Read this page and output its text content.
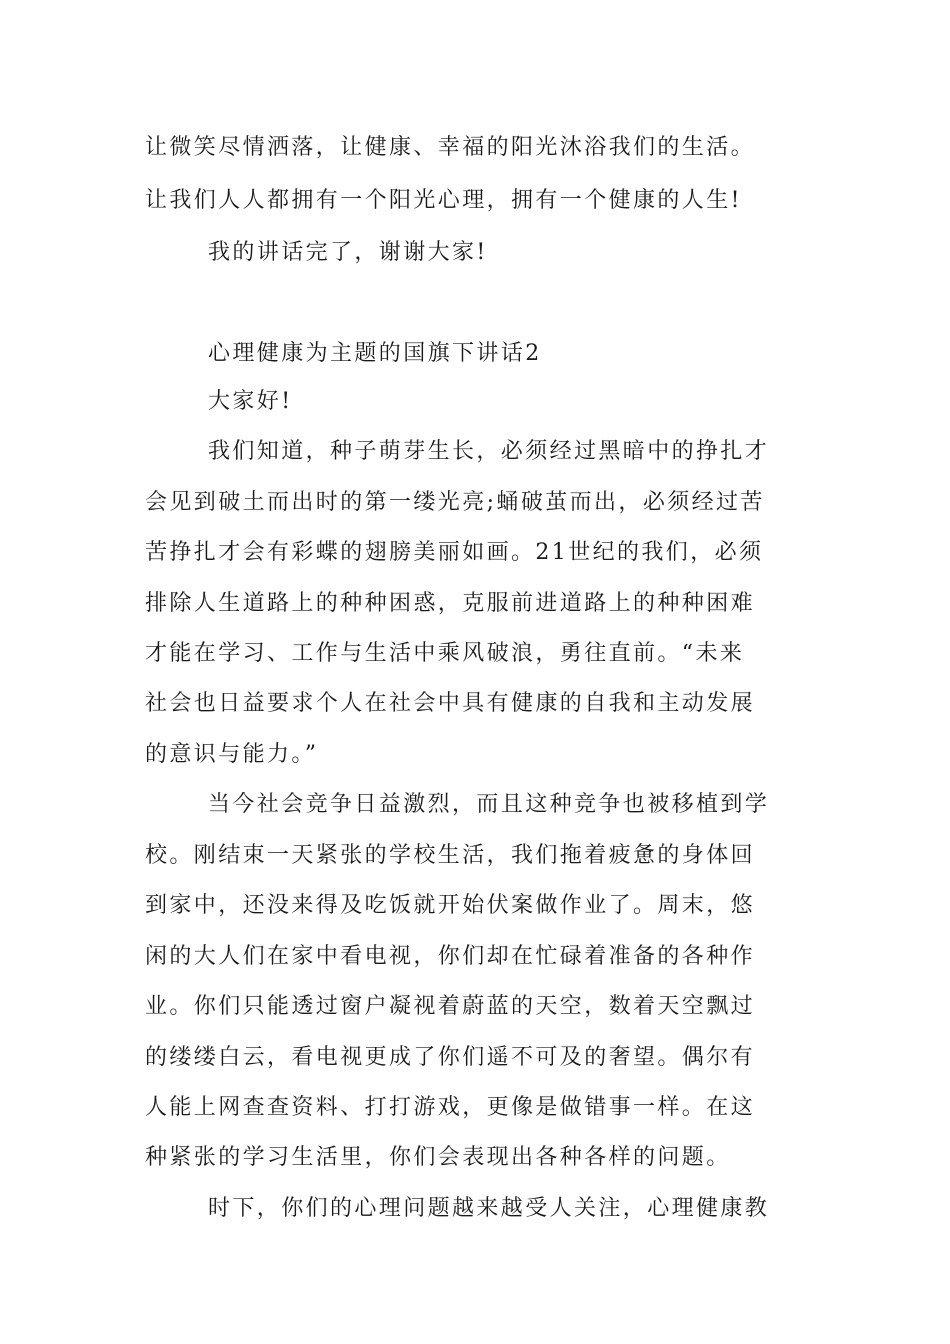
让微笑尽情洒落，让健康、幸福的阳光沐浴我们的生活。
让我们人人都拥有一个阳光心理，拥有一个健康的人生!
我的讲话完了，谢谢大家!
心理健康为主题的国旗下讲话2
大家好!
我们知道，种子萌芽生长，必须经过黑暗中的挣扎才
会见到破土而出时的第一缕光亮;蛹破茧而出，必须经过苦
苦挣扎才会有彩蝶的翅膀美丽如画。21世纪的我们，必须
排除人生道路上的种种困惑，克服前进道路上的种种困难
才能在学习、工作与生活中乘风破浪，勇往直前。“未来
社会也日益要求个人在社会中具有健康的自我和主动发展
的意识与能力。”
当今社会竞争日益激烈，而且这种竞争也被移植到学
校。刚结束一天紧张的学校生活，我们拖着疲惫的身体回
到家中，还没来得及吃饭就开始伏案做作业了。周末，悠
闲的大人们在家中看电视，你们却在忙碌着准备的各种作
业。你们只能透过窗户凝视着蔚蓝的天空，数着天空飘过
的缕缕白云，看电视更成了你们遥不可及的奢望。偶尔有
人能上网查查资料、打打游戏，更像是做错事一样。在这
种紧张的学习生活里，你们会表现出各种各样的问题。
时下，你们的心理问题越来越受人关注，心理健康教
